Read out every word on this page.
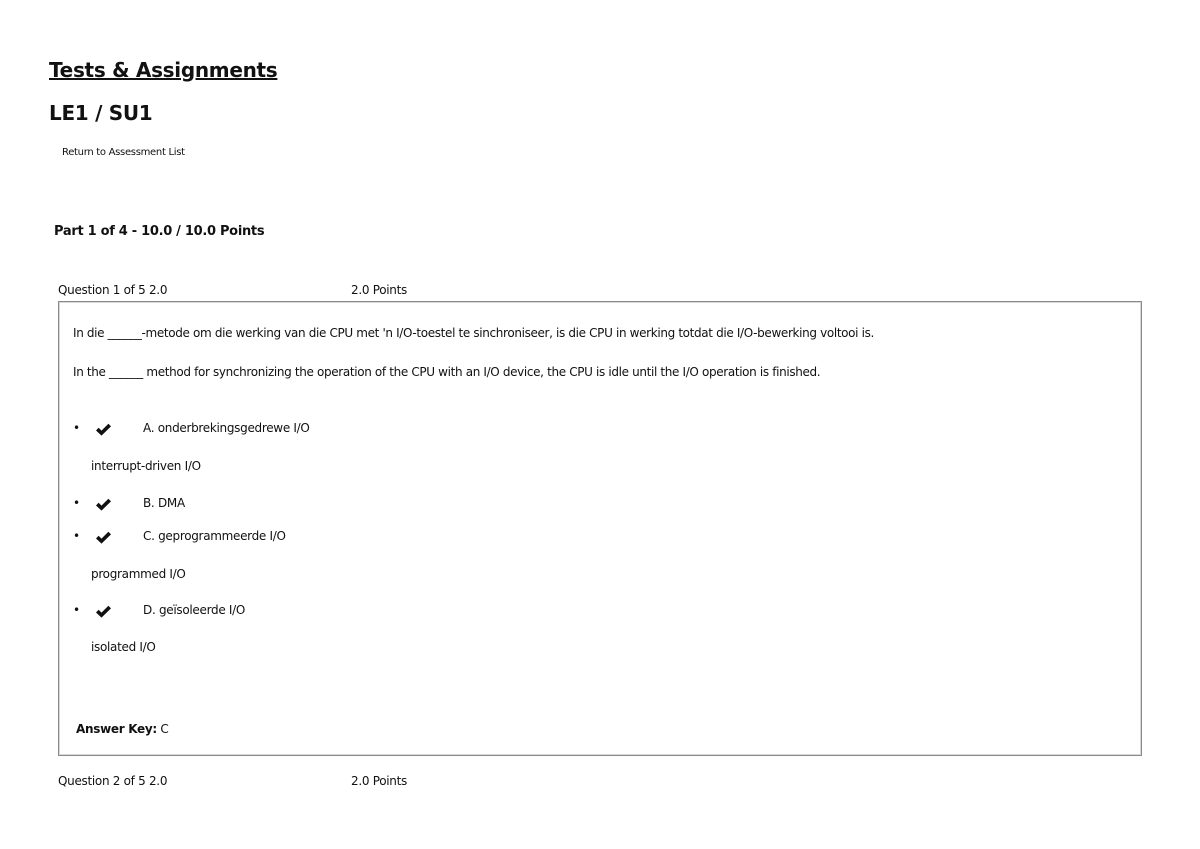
Tests & Assignments
LE1 / SU1
Return to Assessment List
Part 1 of 4 - 10.0 / 10.0 Points
Question 1 of 5 2.0	2.0 Points
In die ______-metode om die werking van die CPU met 'n I/O-toestel te sinchroniseer, is die CPU in werking totdat die I/O-bewerking voltooi is.
In the ______ method for synchronizing the operation of the CPU with an I/O device, the CPU is idle until the I/O operation is finished.
•	A. onderbrekingsgedrewe I/O
interrupt-driven I/O
•	B. DMA
•	C. geprogrammeerde I/O
programmed I/O
•	D. geïsoleerde I/O
isolated I/O
Answer Key: C
Question 2 of 5 2.0	2.0 Points
